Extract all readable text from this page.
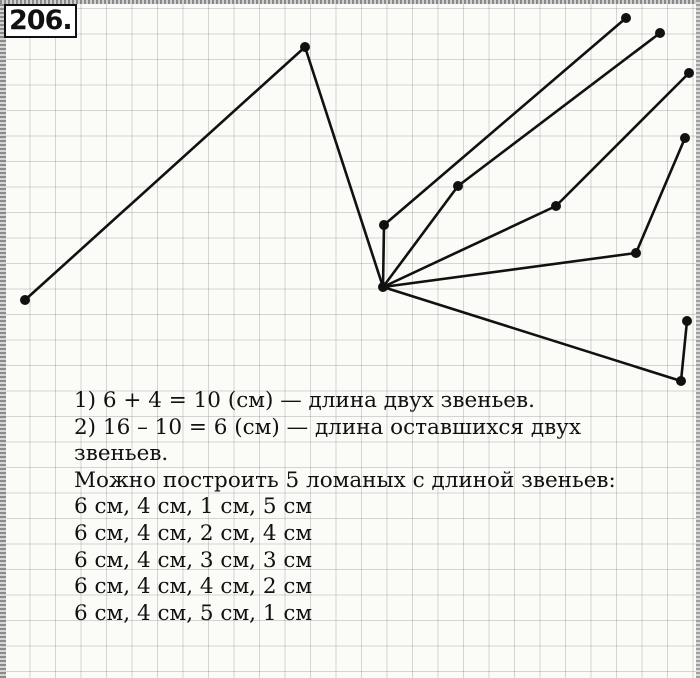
206.
1) 6 + 4 = 10 (см) — длина двух звеньев.
2) 16 – 10 = 6 (см) — длина оставшихся двух
звеньев.
Можно построить 5 ломаных с длиной звеньев:
6 см, 4 см, 1 см, 5 см
6 см, 4 см, 2 см, 4 см
6 см, 4 см, 3 см, 3 см
6 см, 4 см, 4 см, 2 см
6 см, 4 см, 5 см, 1 см
